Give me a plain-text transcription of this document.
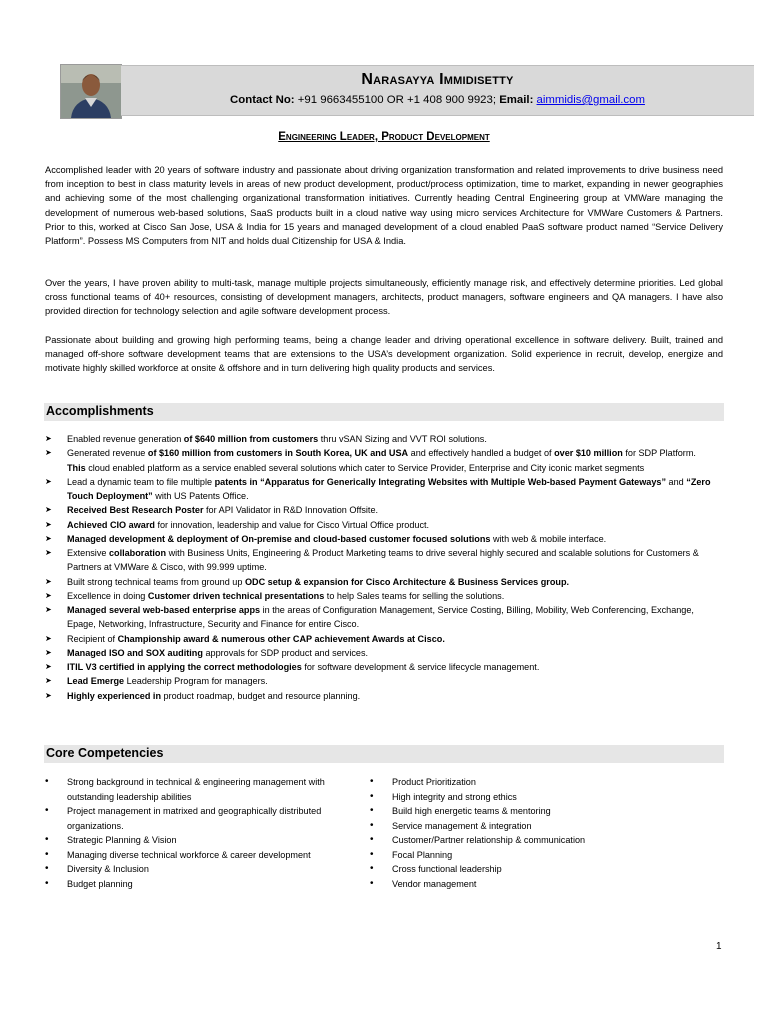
Narasayya Immidisetty
Contact No: +91 9663455100 OR +1 408 900 9923; Email: aimmidis@gmail.com
Engineering Leader, Product Development
Accomplished leader with 20 years of software industry and passionate about driving organization transformation and related improvements to drive business need from inception to best in class maturity levels in areas of new product development, product/process optimization, time to market, expanding in newer geographies and achieving some of the most challenging organizational transformation initiatives. Currently heading Central Engineering group at VMWare managing the development of numerous web-based solutions, SaaS products built in a cloud native way using micro services Architecture for VMWare Customers & Partners. Prior to this, worked at Cisco San Jose, USA & India for 15 years and managed development of a cloud enabled PaaS software product named “Service Delivery Platform”. Possess MS Computers from NIT and holds dual Citizenship for USA & India.
Over the years, I have proven ability to multi-task, manage multiple projects simultaneously, efficiently manage risk, and effectively determine priorities. Led global cross functional teams of 40+ resources, consisting of development managers, architects, product managers, software engineers and QA managers. I have also provided direction for technology selection and agile software development process.
Passionate about building and growing high performing teams, being a change leader and driving operational excellence in software delivery. Built, trained and managed off-shore software development teams that are extensions to the USA’s development organization. Solid experience in recruit, develop, energize and motivate highly skilled workforce at onsite & offshore and in turn delivering high quality products and services.
Accomplishments
➤ Enabled revenue generation of $640 million from customers thru vSAN Sizing and VVT ROI solutions.
➤ Generated revenue of $160 million from customers in South Korea, UK and USA and effectively handled a budget of over $10 million for SDP Platform. This cloud enabled platform as a service enabled several solutions which cater to Service Provider, Enterprise and City iconic market segments
➤ Lead a dynamic team to file multiple patents in “Apparatus for Generically Integrating Websites with Multiple Web-based Payment Gateways” and “Zero Touch Deployment” with US Patents Office.
➤ Received Best Research Poster for API Validator in R&D Innovation Offsite.
➤ Achieved CIO award for innovation, leadership and value for Cisco Virtual Office product.
➤ Managed development & deployment of On-premise and cloud-based customer focused solutions with web & mobile interface.
➤ Extensive collaboration with Business Units, Engineering & Product Marketing teams to drive several highly secured and scalable solutions for Customers & Partners at VMWare & Cisco, with 99.999 uptime.
➤ Built strong technical teams from ground up ODC setup & expansion for Cisco Architecture & Business Services group.
➤ Excellence in doing Customer driven technical presentations to help Sales teams for selling the solutions.
➤ Managed several web-based enterprise apps in the areas of Configuration Management, Service Costing, Billing, Mobility, Web Conferencing, Exchange, Epage, Networking, Infrastructure, Security and Finance for entire Cisco.
➤ Recipient of Championship award & numerous other CAP achievement Awards at Cisco.
➤ Managed ISO and SOX auditing approvals for SDP product and services.
➤ ITIL V3 certified in applying the correct methodologies for software development & service lifecycle management.
➤ Lead Emerge Leadership Program for managers.
➤ Highly experienced in product roadmap, budget and resource planning.
Core Competencies
• Strong background in technical & engineering management with outstanding leadership abilities
• Project management in matrixed and geographically distributed organizations.
• Strategic Planning & Vision
• Managing diverse technical workforce & career development
• Diversity & Inclusion
• Budget planning
• Product Prioritization
• High integrity and strong ethics
• Build high energetic teams & mentoring
• Service management & integration
• Customer/Partner relationship & communication
• Focal Planning
• Cross functional leadership
• Vendor management
1
